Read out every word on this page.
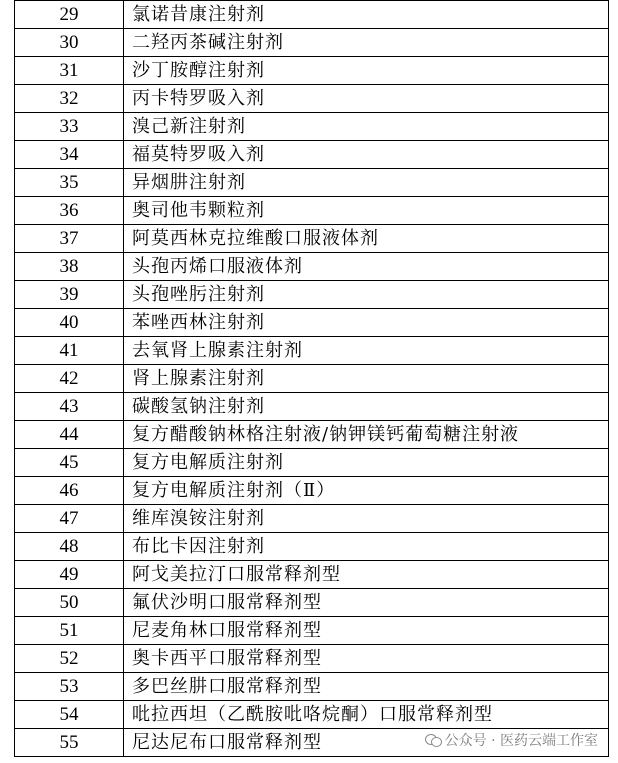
29	氯诺昔康注射剂
30	二羟丙茶碱注射剂
31	沙丁胺醇注射剂
32	丙卡特罗吸入剂
33	溴己新注射剂
34	福莫特罗吸入剂
35	异烟肼注射剂
36	奥司他韦颗粒剂
37	阿莫西林克拉维酸口服液体剂
38	头孢丙烯口服液体剂
39	头孢唑肟注射剂
40	苯唑西林注射剂
41	去氧肾上腺素注射剂
42	肾上腺素注射剂
43	碳酸氢钠注射剂
44	复方醋酸钠林格注射液/钠钾镁钙葡萄糖注射液
45	复方电解质注射剂
46	复方电解质注射剂（Ⅱ）
47	维库溴铵注射剂
48	布比卡因注射剂
49	阿戈美拉汀口服常释剂型
50	氟伏沙明口服常释剂型
51	尼麦角林口服常释剂型
52	奥卡西平口服常释剂型
53	多巴丝肼口服常释剂型
54	吡拉西坦（乙酰胺吡咯烷酮）口服常释剂型
55	尼达尼布口服常释剂型	公众号 · 医药云端工作室
